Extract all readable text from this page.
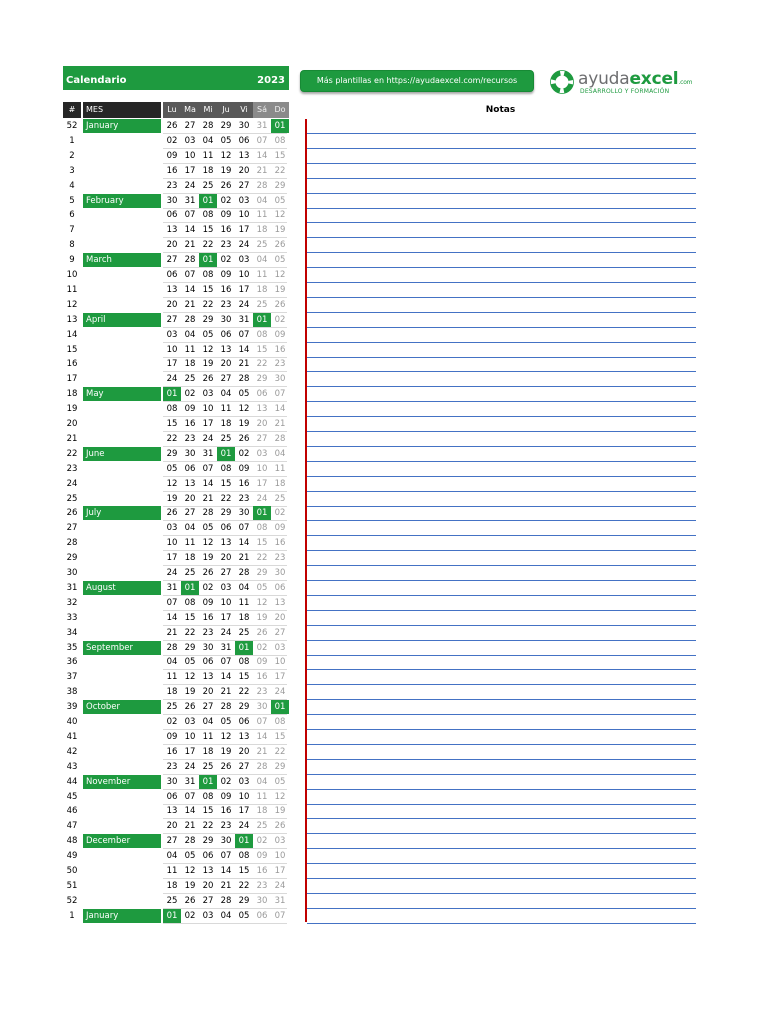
Calendario	2023	Más plantillas en https://ayudaexcel.com/recursos	ayudaexcel.com
DESARROLLO Y FORMACIÓN
#	MES	Lu Ma Mi	Ju	Vi	Sá Do	Notas
52	January	26 27 28 29 30 31 01
1	02 03 04 05 06 07 08
2	09 10 11 12 13 14 15
3	16 17 18 19 20 21 22
4	23 24 25 26 27 28 29
5	February	30 31 01 02 03 04 05
6	06 07 08 09 10 11 12
7	13 14 15 16 17 18 19
8	20 21 22 23 24 25 26
9	March	27 28 01 02 03 04 05
10	06 07 08 09 10 11 12
11	13 14 15 16 17 18 19
12	20 21 22 23 24 25 26
13	April	27 28 29 30 31 01 02
14	03 04 05 06 07 08 09
15	10 11 12 13 14 15 16
16	17 18 19 20 21 22 23
17	24 25 26 27 28 29 30
18	May	01 02 03 04 05 06 07
19	08 09 10 11 12 13 14
20	15 16 17 18 19 20 21
21	22 23 24 25 26 27 28
22	June	29 30 31 01 02 03 04
23	05 06 07 08 09 10 11
24	12 13 14 15 16 17 18
25	19 20 21 22 23 24 25
26	July	26 27 28 29 30 01 02
27	03 04 05 06 07 08 09
28	10 11 12 13 14 15 16
29	17 18 19 20 21 22 23
30	24 25 26 27 28 29 30
31	August	31 01 02 03 04 05 06
32	07 08 09 10 11 12 13
33	14 15 16 17 18 19 20
34	21 22 23 24 25 26 27
35	September	28 29 30 31 01 02 03
36	04 05 06 07 08 09 10
37	11 12 13 14 15 16 17
38	18 19 20 21 22 23 24
39	October	25 26 27 28 29 30 01
40	02 03 04 05 06 07 08
41	09 10 11 12 13 14 15
42	16 17 18 19 20 21 22
43	23 24 25 26 27 28 29
44	November	30 31 01 02 03 04 05
45	06 07 08 09 10 11 12
46	13 14 15 16 17 18 19
47	20 21 22 23 24 25 26
48	December	27 28 29 30 01 02 03
49	04 05 06 07 08 09 10
50	11 12 13 14 15 16 17
51	18 19 20 21 22 23 24
52	25 26 27 28 29 30 31
1	January	01 02 03 04 05 06 07
